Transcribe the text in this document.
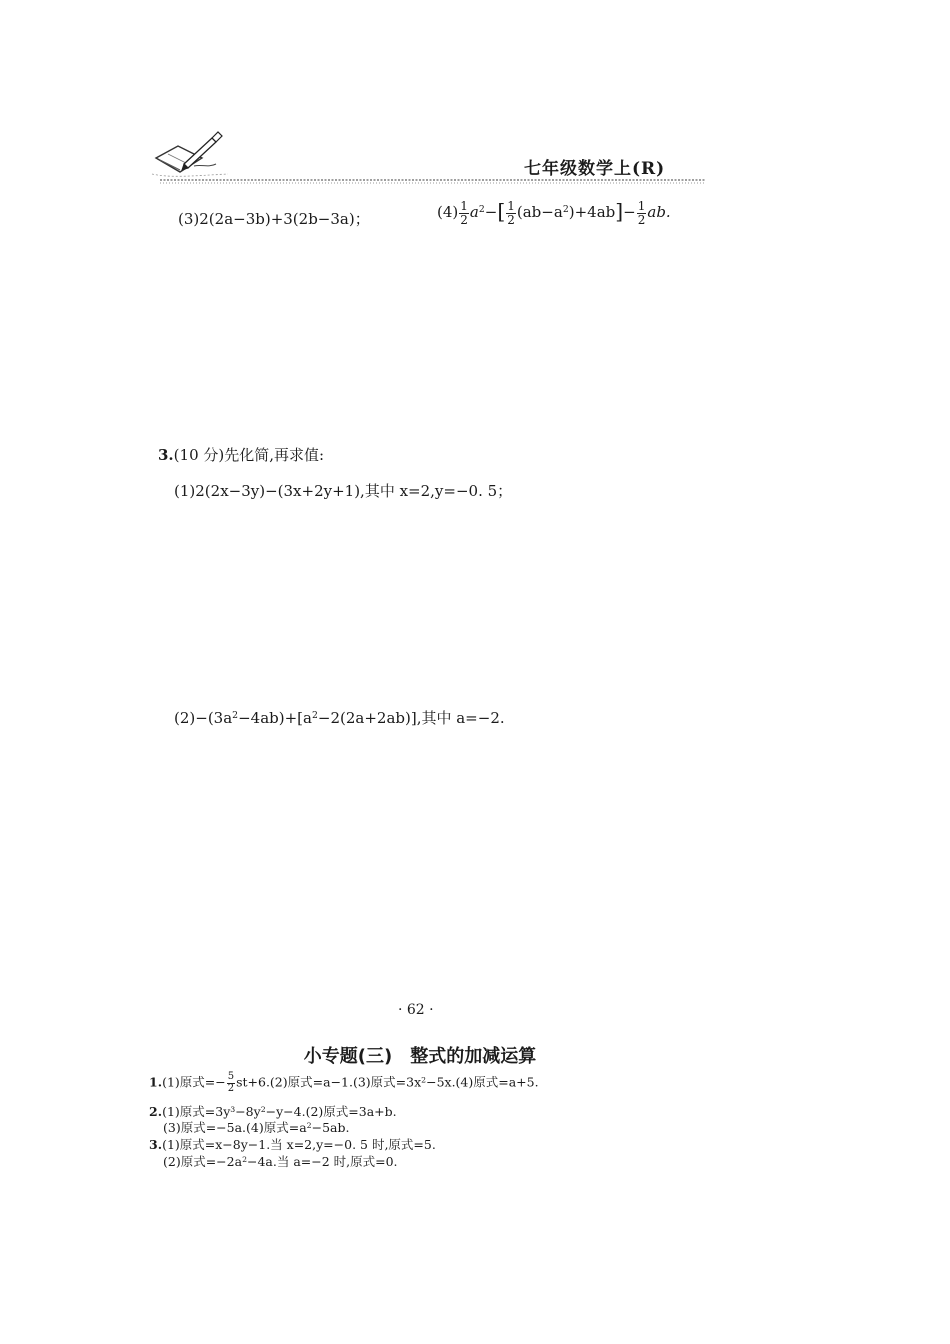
七年级数学上(R)
(3)2(2a−3b)+3(2b−3a)；	$(4) \frac{1}{2} a^2-[ \frac{1}{2} (ab-a^2)+4ab]- \frac{1}{2}$ ab.
3.(10 分)先化简,再求值:
(1)2(2x−3y)−(3x+2y+1),其中 x=2,y=−0. 5；
$(2)-(3a^2-4ab)+[a^2-2(2a+2ab)]$,其中 a=−2.
· 62 ·
小专题(三)　整式的加减运算
1.(1)原式=− $\frac{5}{2} st+6.(2)$原式=a−1.(3)原式$=3x^2-5x.(4)$原式=a+5.
2.(1)原式$=3y^3-8y^2-y-4.(2)$原式=3a+b.
(3)原式=−5a.(4)原式$=a^2-5ab$.
3.(1)原式=x−8y−1.当 x=2,y=−0. 5 时,原式=5.
(2)原式$=-2a^2-4a$.当 a=−2 时,原式=0.
